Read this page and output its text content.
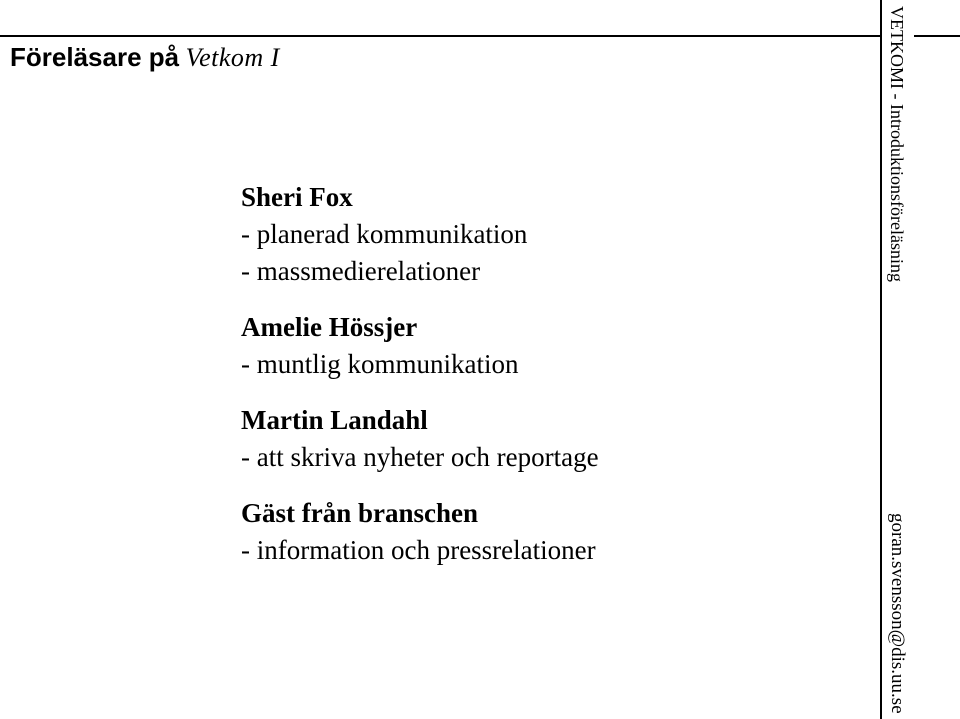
Föreläsare på Vetkom I
Sheri Fox
- planerad kommunikation
- massmedierelationer
Amelie Hössjer
- muntlig kommunikation
Martin Landahl
- att skriva nyheter och reportage
Gäst från branschen
- information och pressrelationer
VETKOMI - Introduktionsföreläsning
goran.svensson@dis.uu.se
